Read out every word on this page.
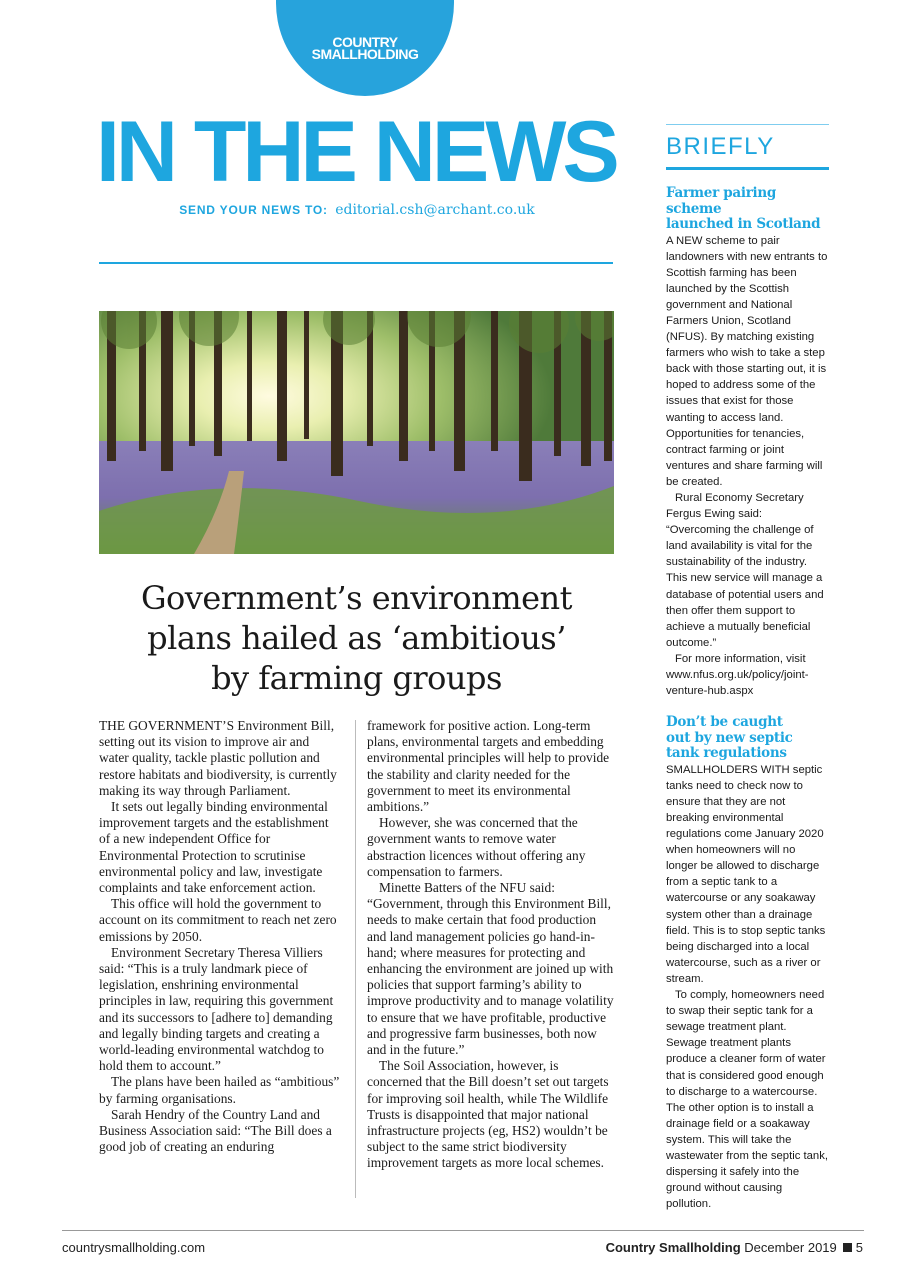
COUNTRY
SMALLHOLDING
IN THE NEWS
SEND YOUR NEWS TO: editorial.csh@archant.co.uk
Government’s environment
plans hailed as ‘ambitious’
by farming groups

THE GOVERNMENT’S Environment Bill, setting out its vision to improve air and water quality, tackle plastic pollution and restore habitats and biodiversity, is currently making its way through Parliament.

It sets out legally binding environmental improvement targets and the establishment of a new independent Office for Environmental Protection to scrutinise environmental policy and law, investigate complaints and take enforcement action.

This office will hold the government to account on its commitment to reach net zero emissions by 2050.

Environment Secretary Theresa Villiers said: “This is a truly landmark piece of legislation, enshrining environmental principles in law, requiring this government and its successors to [adhere to] demanding and legally binding targets and creating a world-leading environmental watchdog to hold them to account.”

The plans have been hailed as “ambitious” by farming organisations.

Sarah Hendry of the Country Land and Business Association said: “The Bill does a good job of creating an enduring

framework for positive action. Long-term plans, environmental targets and embedding environmental principles will help to provide the stability and clarity needed for the government to meet its environmental ambitions.”

However, she was concerned that the government wants to remove water abstraction licences without offering any compensation to farmers.

Minette Batters of the NFU said: “Government, through this Environment Bill, needs to make certain that food production and land management policies go hand-in-hand; where measures for protecting and enhancing the environment are joined up with policies that support farming’s ability to improve productivity and to manage volatility to ensure that we have profitable, productive and progressive farm businesses, both now and in the future.”

The Soil Association, however, is concerned that the Bill doesn’t set out targets for improving soil health, while The Wildlife Trusts is disappointed that major national infrastructure projects (eg, HS2) wouldn’t be subject to the same strict biodiversity improvement targets as more local schemes.

BRIEFLY
Farmer pairing scheme
launched in Scotland

A NEW scheme to pair landowners with new entrants to Scottish farming has been launched by the Scottish government and National Farmers Union, Scotland (NFUS). By matching existing farmers who wish to take a step back with those starting out, it is hoped to address some of the issues that exist for those wanting to access land. Opportunities for tenancies, contract farming or joint ventures and share farming will be created.

Rural Economy Secretary Fergus Ewing said: “Overcoming the challenge of land availability is vital for the sustainability of the industry. This new service will manage a database of potential users and then offer them support to achieve a mutually beneficial outcome.”

For more information, visit www.nfus.org.uk/policy/joint-venture-hub.aspx

Don’t be caught
out by new septic
tank regulations

SMALLHOLDERS WITH septic tanks need to check now to ensure that they are not breaking environmental regulations come January 2020 when homeowners will no longer be allowed to discharge from a septic tank to a watercourse or any soakaway system other than a drainage field. This is to stop septic tanks being discharged into a local watercourse, such as a river or stream.

To comply, homeowners need to swap their septic tank for a sewage treatment plant. Sewage treatment plants produce a cleaner form of water that is considered good enough to discharge to a watercourse. The other option is to install a drainage field or a soakaway system. This will take the wastewater from the septic tank, dispersing it safely into the ground without causing pollution.

countrysmallholding.com	Country Smallholding December 2019 5
